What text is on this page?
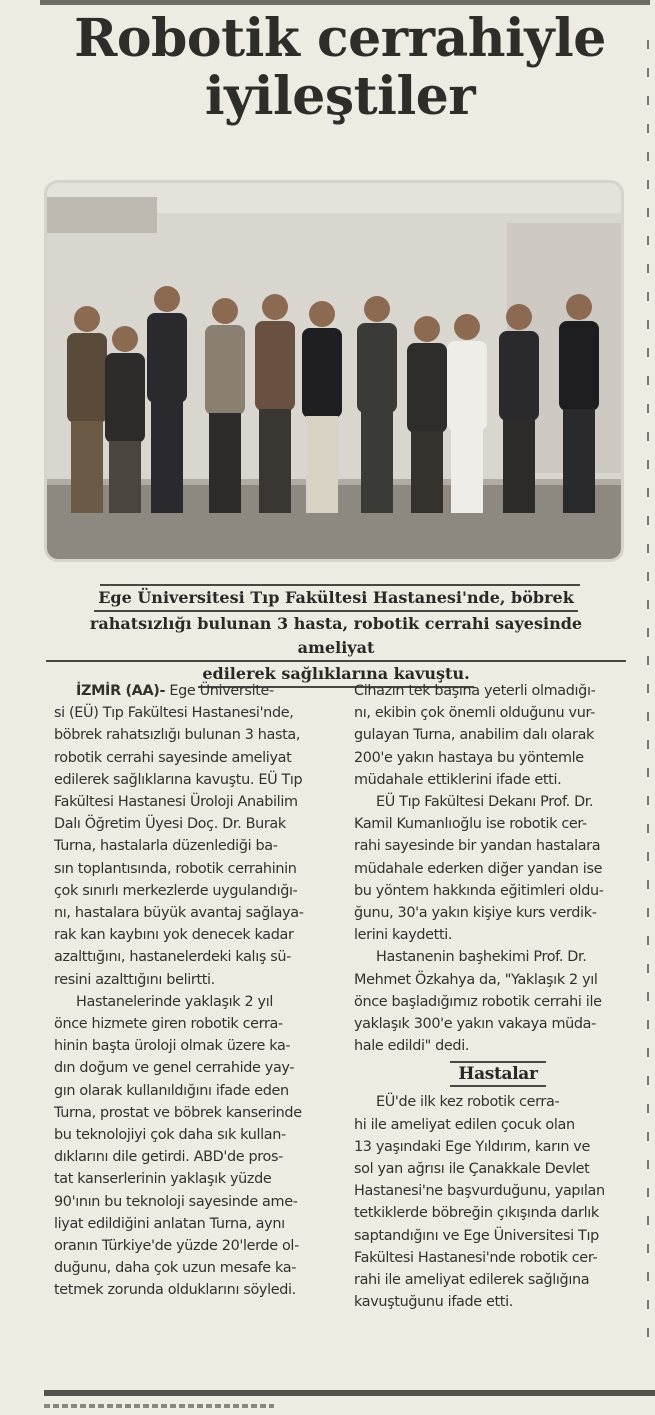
Robotik cerrahiyle
iyileştiler
Ege Üniversitesi Tıp Fakültesi Hastanesi'nde, böbrek
rahatsızlığı bulunan 3 hasta, robotik cerrahi sayesinde ameliyat
edilerek sağlıklarına kavuştu.

İZMİR (AA)- Ege Üniversite-
si (EÜ) Tıp Fakültesi Hastanesi'nde,
böbrek rahatsızlığı bulunan 3 hasta,
robotik cerrahi sayesinde ameliyat
edilerek sağlıklarına kavuştu. EÜ Tıp
Fakültesi Hastanesi Üroloji Anabilim
Dalı Öğretim Üyesi Doç. Dr. Burak
Turna, hastalarla düzenlediği ba-
sın toplantısında, robotik cerrahinin
çok sınırlı merkezlerde uygulandığı-
nı, hastalara büyük avantaj sağlaya-
rak kan kaybını yok denecek kadar
azalttığını, hastanelerdeki kalış sü-
resini azalttığını belirtti.

Hastanelerinde yaklaşık 2 yıl
önce hizmete giren robotik cerra-
hinin başta üroloji olmak üzere ka-
dın doğum ve genel cerrahide yay-
gın olarak kullanıldığını ifade eden
Turna, prostat ve böbrek kanserinde
bu teknolojiyi çok daha sık kullan-
dıklarını dile getirdi. ABD'de pros-
tat kanserlerinin yaklaşık yüzde
90'ının bu teknoloji sayesinde ame-
liyat edildiğini anlatan Turna, aynı
oranın Türkiye'de yüzde 20'lerde ol-
duğunu, daha çok uzun mesafe ka-
tetmek zorunda olduklarını söyledi.

Cihazın tek başına yeterli olmadığı-
nı, ekibin çok önemli olduğunu vur-
gulayan Turna, anabilim dalı olarak
200'e yakın hastaya bu yöntemle
müdahale ettiklerini ifade etti.

EÜ Tıp Fakültesi Dekanı Prof. Dr.
Kamil Kumanlıoğlu ise robotik cer-
rahi sayesinde bir yandan hastalara
müdahale ederken diğer yandan ise
bu yöntem hakkında eğitimleri oldu-
ğunu, 30'a yakın kişiye kurs verdik-
lerini kaydetti.

Hastanenin başhekimi Prof. Dr.
Mehmet Özkahya da, "Yaklaşık 2 yıl
önce başladığımız robotik cerrahi ile
yaklaşık 300'e yakın vakaya müda-
hale edildi" dedi.

Hastalar

EÜ'de ilk kez robotik cerra-
hi ile ameliyat edilen çocuk olan
13 yaşındaki Ege Yıldırım, karın ve
sol yan ağrısı ile Çanakkale Devlet
Hastanesi'ne başvurduğunu, yapılan
tetkiklerde böbreğin çıkışında darlık
saptandığını ve Ege Üniversitesi Tıp
Fakültesi Hastanesi'nde robotik cer-
rahi ile ameliyat edilerek sağlığına
kavuştuğunu ifade etti.
